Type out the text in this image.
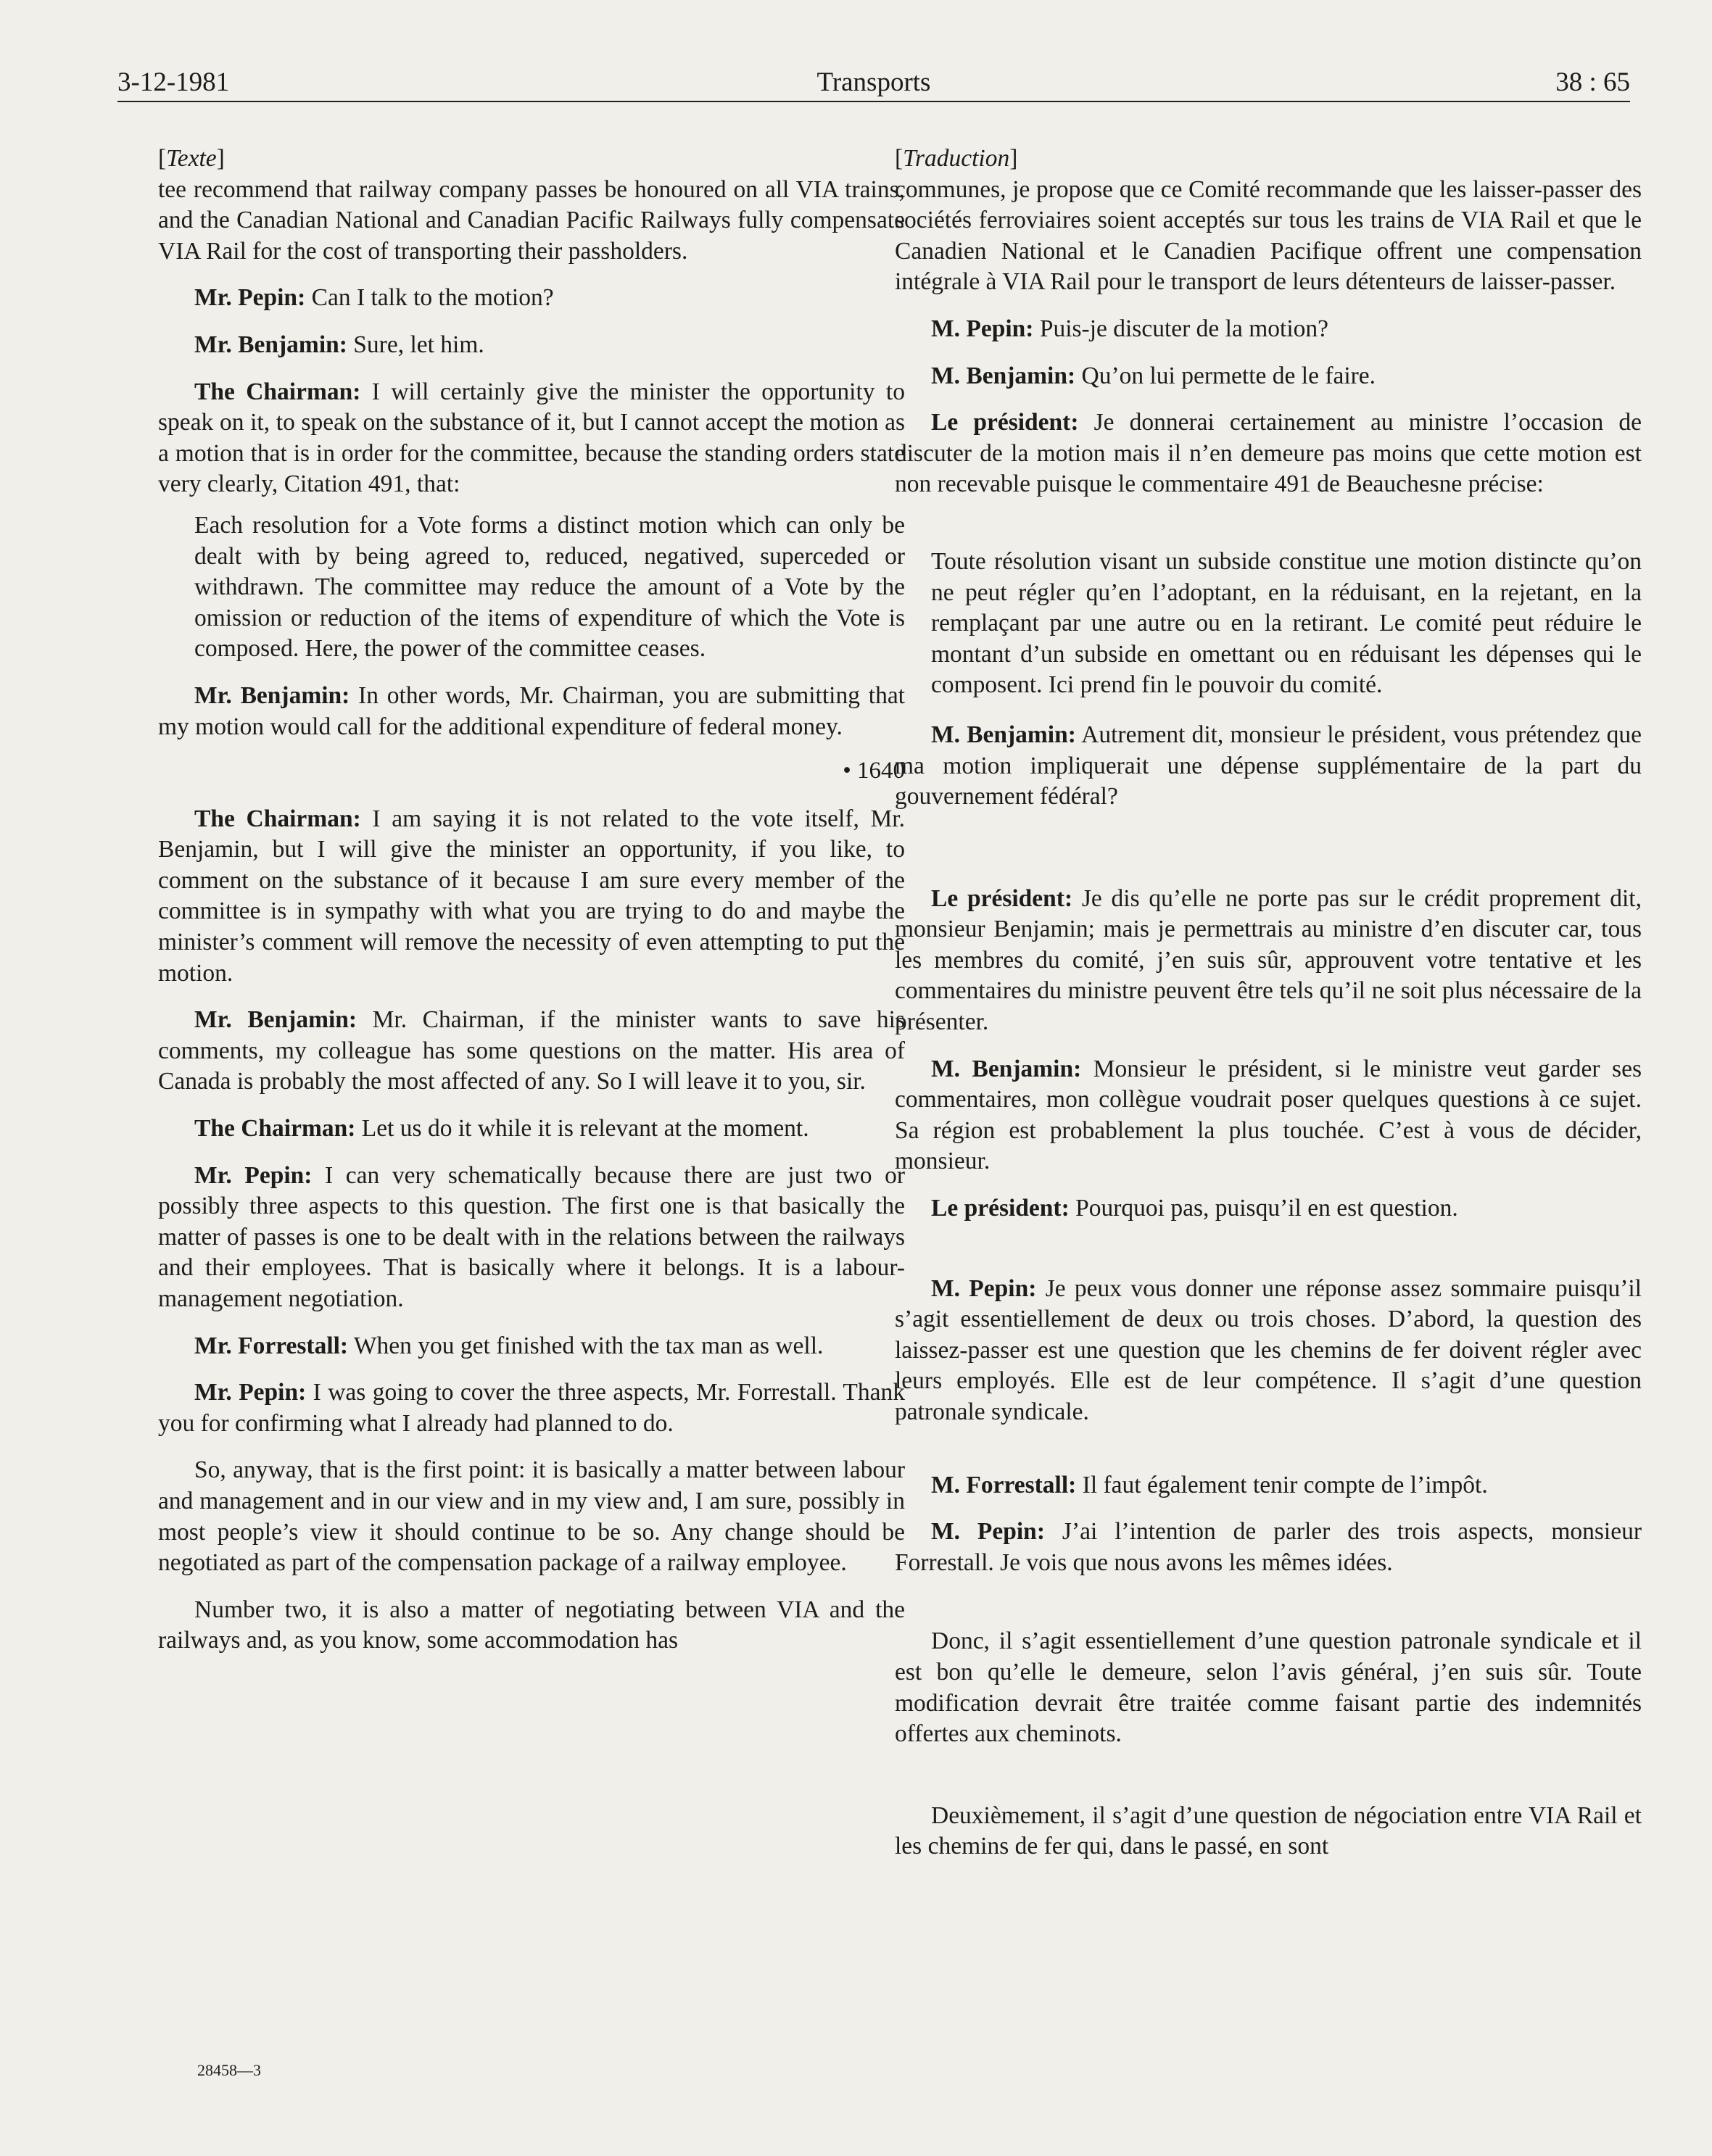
3-12-1981	Transports	38 : 65
[Texte]

tee recommend that railway company passes be honoured on all VIA trains, and the Canadian National and Canadian Pacific Railways fully compensate VIA Rail for the cost of transporting their passholders.

Mr. Pepin: Can I talk to the motion?

Mr. Benjamin: Sure, let him.

The Chairman: I will certainly give the minister the opportunity to speak on it, to speak on the substance of it, but I cannot accept the motion as a motion that is in order for the committee, because the standing orders state very clearly, Citation 491, that:

Each resolution for a Vote forms a distinct motion which can only be dealt with by being agreed to, reduced, negatived, superceded or withdrawn. The committee may reduce the amount of a Vote by the omission or reduction of the items of expenditure of which the Vote is composed. Here, the power of the committee ceases.

Mr. Benjamin: In other words, Mr. Chairman, you are submitting that my motion would call for the additional expenditure of federal money.

• 1640

The Chairman: I am saying it is not related to the vote itself, Mr. Benjamin, but I will give the minister an opportunity, if you like, to comment on the substance of it because I am sure every member of the committee is in sympathy with what you are trying to do and maybe the minister’s comment will remove the necessity of even attempting to put the motion.

Mr. Benjamin: Mr. Chairman, if the minister wants to save his comments, my colleague has some questions on the matter. His area of Canada is probably the most affected of any. So I will leave it to you, sir.

The Chairman: Let us do it while it is relevant at the moment.

Mr. Pepin: I can very schematically because there are just two or possibly three aspects to this question. The first one is that basically the matter of passes is one to be dealt with in the relations between the railways and their employees. That is basically where it belongs. It is a labour-management negotiation.

Mr. Forrestall: When you get finished with the tax man as well.

Mr. Pepin: I was going to cover the three aspects, Mr. Forrestall. Thank you for confirming what I already had planned to do.

So, anyway, that is the first point: it is basically a matter between labour and management and in our view and in my view and, I am sure, possibly in most people’s view it should continue to be so. Any change should be negotiated as part of the compensation package of a railway employee.

Number two, it is also a matter of negotiating between VIA and the railways and, as you know, some accommodation has

[Traduction]

communes, je propose que ce Comité recommande que les laisser-passer des sociétés ferroviaires soient acceptés sur tous les trains de VIA Rail et que le Canadien National et le Canadien Pacifique offrent une compensation intégrale à VIA Rail pour le transport de leurs détenteurs de laisser-passer.

M. Pepin: Puis-je discuter de la motion?

M. Benjamin: Qu’on lui permette de le faire.

Le président: Je donnerai certainement au ministre l’occasion de discuter de la motion mais il n’en demeure pas moins que cette motion est non recevable puisque le commentaire 491 de Beauchesne précise:

Toute résolution visant un subside constitue une motion distincte qu’on ne peut régler qu’en l’adoptant, en la réduisant, en la rejetant, en la remplaçant par une autre ou en la retirant. Le comité peut réduire le montant d’un subside en omettant ou en réduisant les dépenses qui le composent. Ici prend fin le pouvoir du comité.

M. Benjamin: Autrement dit, monsieur le président, vous prétendez que ma motion impliquerait une dépense supplémentaire de la part du gouvernement fédéral?

Le président: Je dis qu’elle ne porte pas sur le crédit proprement dit, monsieur Benjamin; mais je permettrais au ministre d’en discuter car, tous les membres du comité, j’en suis sûr, approuvent votre tentative et les commentaires du ministre peuvent être tels qu’il ne soit plus nécessaire de la présenter.

M. Benjamin: Monsieur le président, si le ministre veut garder ses commentaires, mon collègue voudrait poser quelques questions à ce sujet. Sa région est probablement la plus touchée. C’est à vous de décider, monsieur.

Le président: Pourquoi pas, puisqu’il en est question.

M. Pepin: Je peux vous donner une réponse assez sommaire puisqu’il s’agit essentiellement de deux ou trois choses. D’abord, la question des laissez-passer est une question que les chemins de fer doivent régler avec leurs employés. Elle est de leur compétence. Il s’agit d’une question patronale syndicale.

M. Forrestall: Il faut également tenir compte de l’impôt.

M. Pepin: J’ai l’intention de parler des trois aspects, monsieur Forrestall. Je vois que nous avons les mêmes idées.

Donc, il s’agit essentiellement d’une question patronale syndicale et il est bon qu’elle le demeure, selon l’avis général, j’en suis sûr. Toute modification devrait être traitée comme faisant partie des indemnités offertes aux cheminots.

Deuxièmement, il s’agit d’une question de négociation entre VIA Rail et les chemins de fer qui, dans le passé, en sont

28458—3
